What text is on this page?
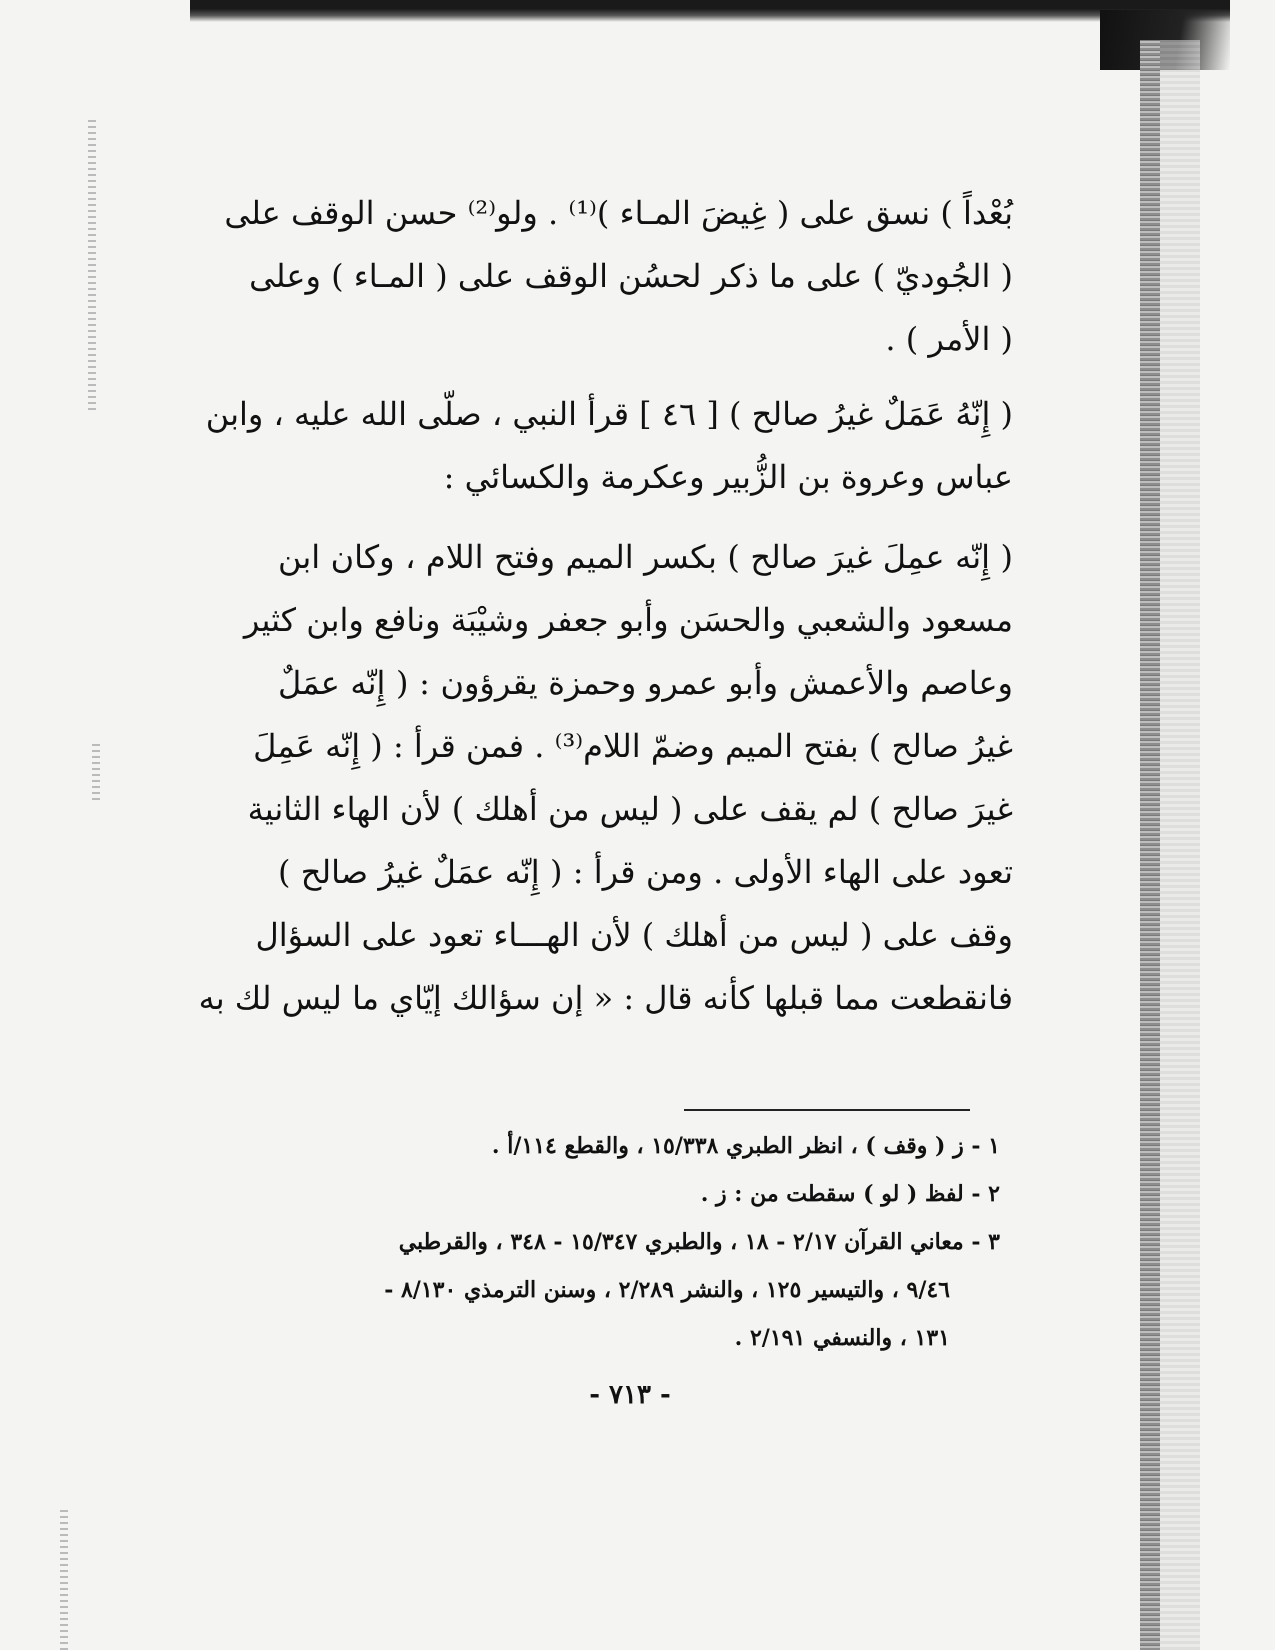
بُعْداً ) نسق على ( غِيضَ المـاء )⁽¹⁾ . ولو⁽²⁾ حسن الوقف على
( الجُوديّ ) على ما ذكر لحسُن الوقف على ( المـاء ) وعلى
( الأمر ) .
( إِنّهُ عَمَلٌ غيرُ صالح ) [ ٤٦ ] قرأ النبي ، صلّى الله عليه ، وابن
عباس وعروة بن الزُّبير وعكرمة والكسائي :
( إِنّه عمِلَ غيرَ صالح ) بكسر الميم وفتح اللام ، وكان ابن
مسعود والشعبي والحسَن وأبو جعفر وشيْبَة ونافع وابن كثير
وعاصم والأعمش وأبو عمرو وحمزة يقرؤون : ( إِنّه عمَلٌ
غيرُ صالح ) بفتح الميم وضمّ اللام⁽³⁾ . فمن قرأ : ( إِنّه عَمِلَ
غيرَ صالح ) لم يقف على ( ليس من أهلك ) لأن الهاء الثانية
تعود على الهاء الأولى . ومن قرأ : ( إِنّه عمَلٌ غيرُ صالح )
وقف على ( ليس من أهلك ) لأن الهـــاء تعود على السؤال
فانقطعت مما قبلها كأنه قال : « إن سؤالك إيّاي ما ليس لك به
١ - ز ( وقف ) ، انظر الطبري ١٥/٣٣٨ ، والقطع ١١٤/أ .
٢ - لفظ ( لو ) سقطت من : ز .
٣ - معاني القرآن ٢/١٧ - ١٨ ، والطبري ١٥/٣٤٧ - ٣٤٨ ، والقرطبي
٩/٤٦ ، والتيسير ١٢٥ ، والنشر ٢/٢٨٩ ، وسنن الترمذي ٨/١٣٠ -
١٣١ ، والنسفي ٢/١٩١ .
- ٧١٣ -
